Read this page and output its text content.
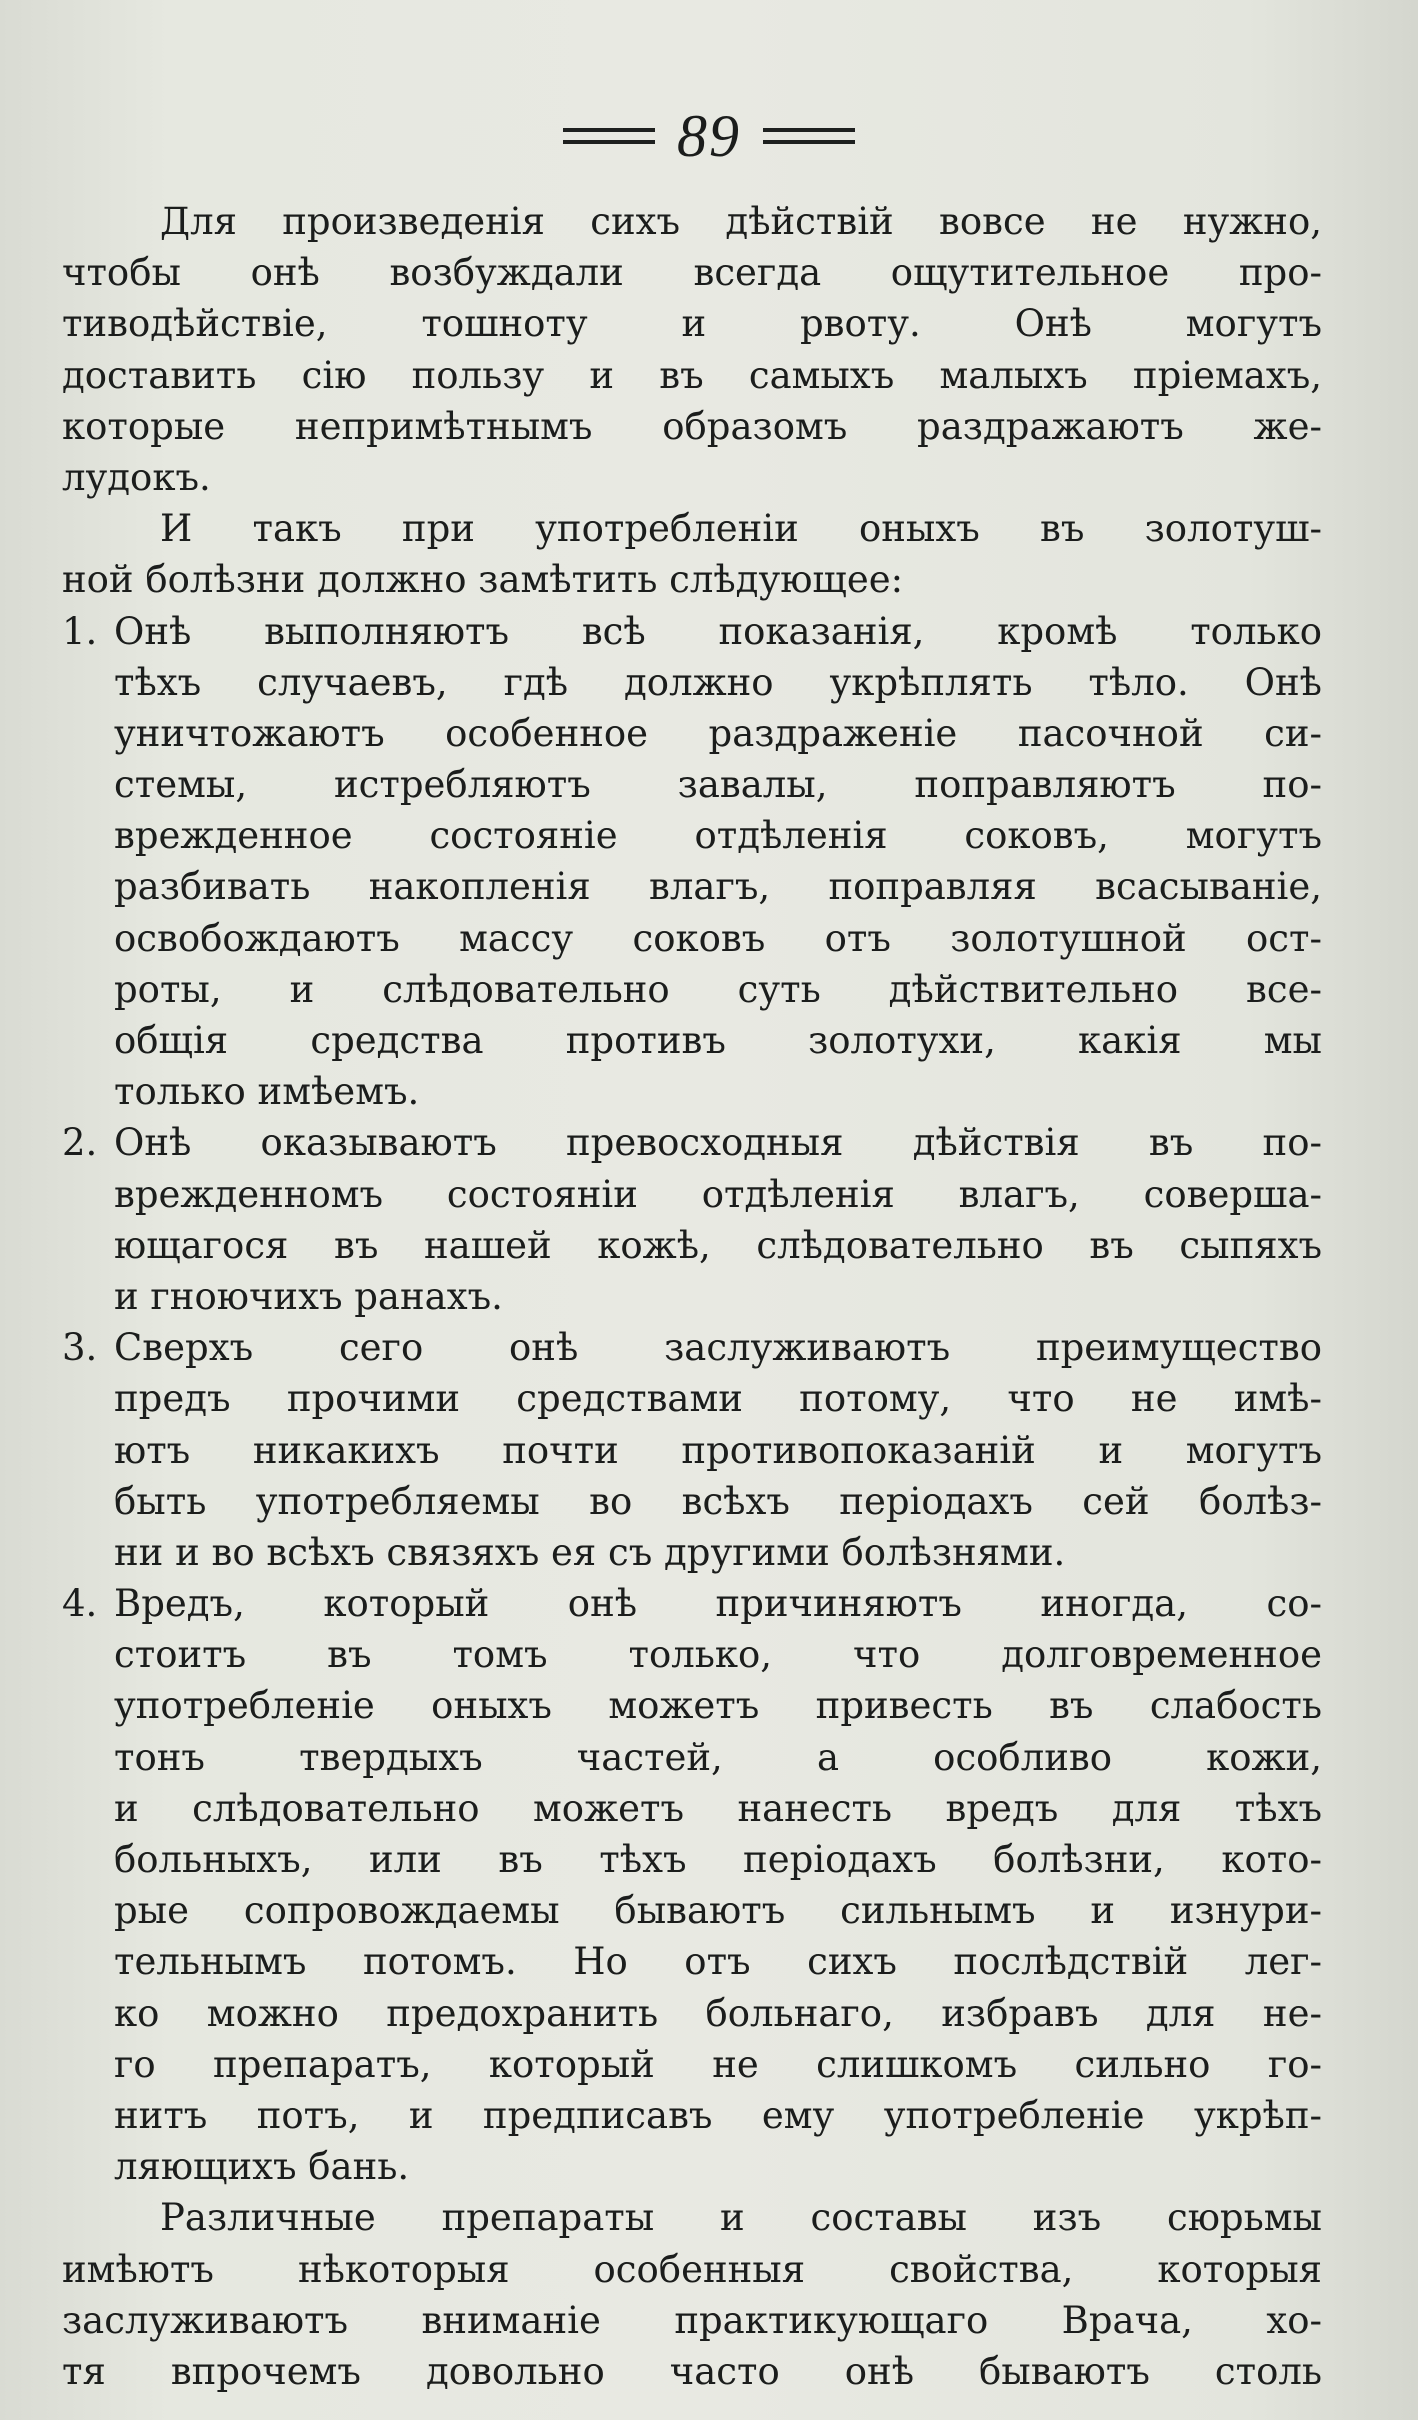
89
Для произведенія сихъ дѣйствій вовсе не нужно,
чтобы онѣ возбуждали всегда ощутительное про-
тиводѣйствіе, тошноту и рвоту. Онѣ могутъ
доставить сію пользу и въ самыхъ малыхъ пріемахъ,
которые непримѣтнымъ образомъ раздражаютъ же-
лудокъ.
И такъ при употребленіи оныхъ въ золотуш-
ной болѣзни должно замѣтить слѣдующее:
1. Онѣ выполняютъ всѣ показанія, кромѣ только
тѣхъ случаевъ, гдѣ должно укрѣплять тѣло. Онѣ
уничтожаютъ особенное раздраженіе пасочной си-
стемы, истребляютъ завалы, поправляютъ по-
врежденное состояніе отдѣленія соковъ, могутъ
разбивать накопленія влагъ, поправляя всасываніе,
освобождаютъ массу соковъ отъ золотушной ост-
роты, и слѣдовательно суть дѣйствительно все-
общія средства противъ золотухи, какія мы
только имѣемъ.
2. Онѣ оказываютъ превосходныя дѣйствія въ по-
врежденномъ состояніи отдѣленія влагъ, соверша-
ющагося въ нашей кожѣ, слѣдовательно въ сыпяхъ
и гноючихъ ранахъ.
3. Сверхъ сего онѣ заслуживаютъ преимущество
предъ прочими средствами потому, что не имѣ-
ютъ никакихъ почти противопоказаній и могутъ
быть употребляемы во всѣхъ періодахъ сей болѣз-
ни и во всѣхъ связяхъ ея съ другими болѣзнями.
4. Вредъ, который онѣ причиняютъ иногда, со-
стоитъ въ томъ только, что долговременное
употребленіе оныхъ можетъ привесть въ слабость
тонъ твердыхъ частей, а особливо кожи,
и слѣдовательно можетъ нанесть вредъ для тѣхъ
больныхъ, или въ тѣхъ періодахъ болѣзни, кото-
рые сопровождаемы бываютъ сильнымъ и изнури-
тельнымъ потомъ. Но отъ сихъ послѣдствій лег-
ко можно предохранить больнаго, избравъ для не-
го препаратъ, который не слишкомъ сильно го-
нитъ потъ, и предписавъ ему употребленіе укрѣп-
ляющихъ бань.
Различные препараты и составы изъ сюрьмы
имѣютъ нѣкоторыя особенныя свойства, которыя
заслуживаютъ вниманіе практикующаго Врача, хо-
тя впрочемъ довольно часто онѣ бываютъ столь
